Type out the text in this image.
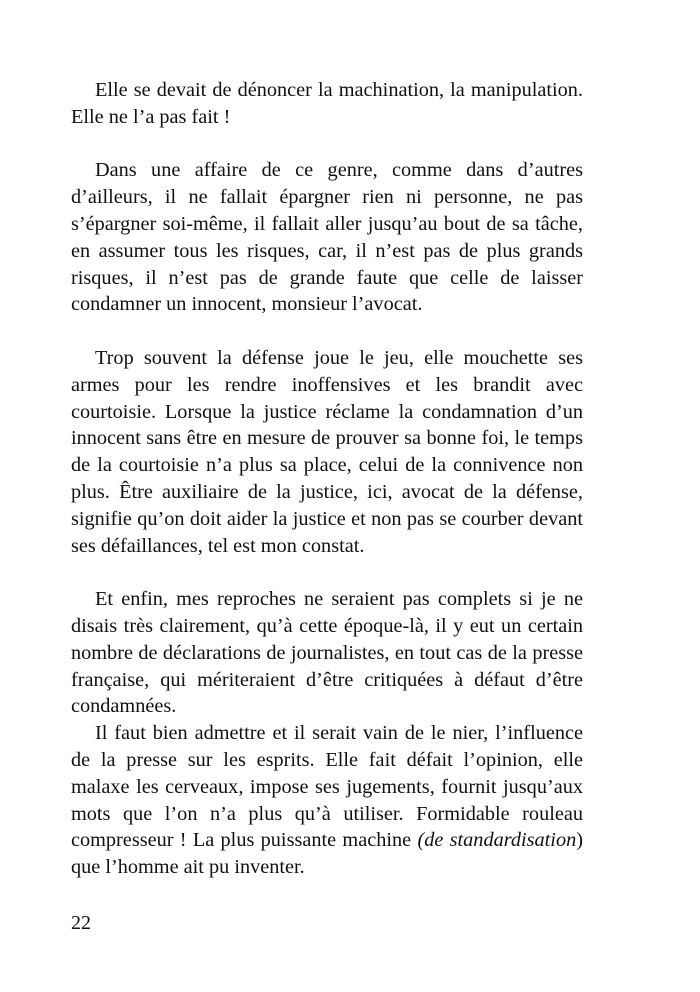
Elle se devait de dénoncer la machination, la manipulation. Elle ne l’a pas fait !

Dans une affaire de ce genre, comme dans d’autres d’ailleurs, il ne fallait épargner rien ni personne, ne pas s’épargner soi-même, il fallait aller jusqu’au bout de sa tâche, en assumer tous les risques, car, il n’est pas de plus grands risques, il n’est pas de grande faute que celle de laisser condamner un innocent, monsieur l’avocat.

Trop souvent la défense joue le jeu, elle mouchette ses armes pour les rendre inoffensives et les brandit avec courtoisie. Lorsque la justice réclame la condamnation d’un innocent sans être en mesure de prouver sa bonne foi, le temps de la courtoisie n’a plus sa place, celui de la connivence non plus. Être auxiliaire de la justice, ici, avocat de la défense, signifie qu’on doit aider la justice et non pas se courber devant ses défaillances, tel est mon constat.

Et enfin, mes reproches ne seraient pas complets si je ne disais très clairement, qu’à cette époque-là, il y eut un certain nombre de déclarations de journalistes, en tout cas de la presse française, qui mériteraient d’être critiquées à défaut d’être condamnées.

Il faut bien admettre et il serait vain de le nier, l’influence de la presse sur les esprits. Elle fait défait l’opinion, elle malaxe les cerveaux, impose ses jugements, fournit jusqu’aux mots que l’on n’a plus qu’à utiliser. Formidable rouleau compresseur ! La plus puissante machine (de standardisation) que l’homme ait pu inventer.

22
